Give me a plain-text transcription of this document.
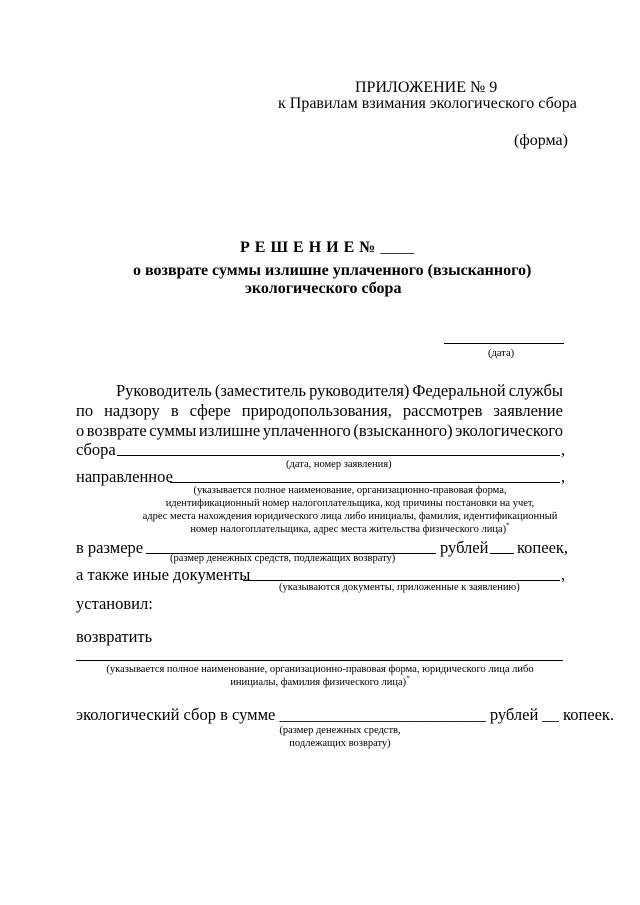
ПРИЛОЖЕНИЕ № 9
к Правилам взимания экологического сбора
(форма)
Р Е Ш Е Н И Е № ____
о возврате суммы излишне уплаченного (взысканного)
экологического сбора
(дата)
Руководитель (заместитель руководителя) Федеральной службы
по надзору в сфере природопользования, рассмотрев заявление
о возврате суммы излишне уплаченного (взысканного) экологического
сбора	,
(дата, номер заявления)
направленное	,
(указывается полное наименование, организационно-правовая форма,
идентификационный номер налогоплательщика, код причины постановки на учет,
адрес места нахождения юридического лица либо инициалы, фамилия, идентификационный
номер налогоплательщика, адрес места жительства физического лица)*
в размере	рублей копеек,
(размер денежных средств, подлежащих возврату)
а также иные документы	,
(указываются документы, приложенные к заявлению)
установил:
возвратить
(указывается полное наименование, организационно-правовая форма, юридического лица либо
инициалы, фамилия физического лица)*
экологический сбор в сумме _________________________ рублей __ копеек.
(размер денежных средств,
подлежащих возврату)
